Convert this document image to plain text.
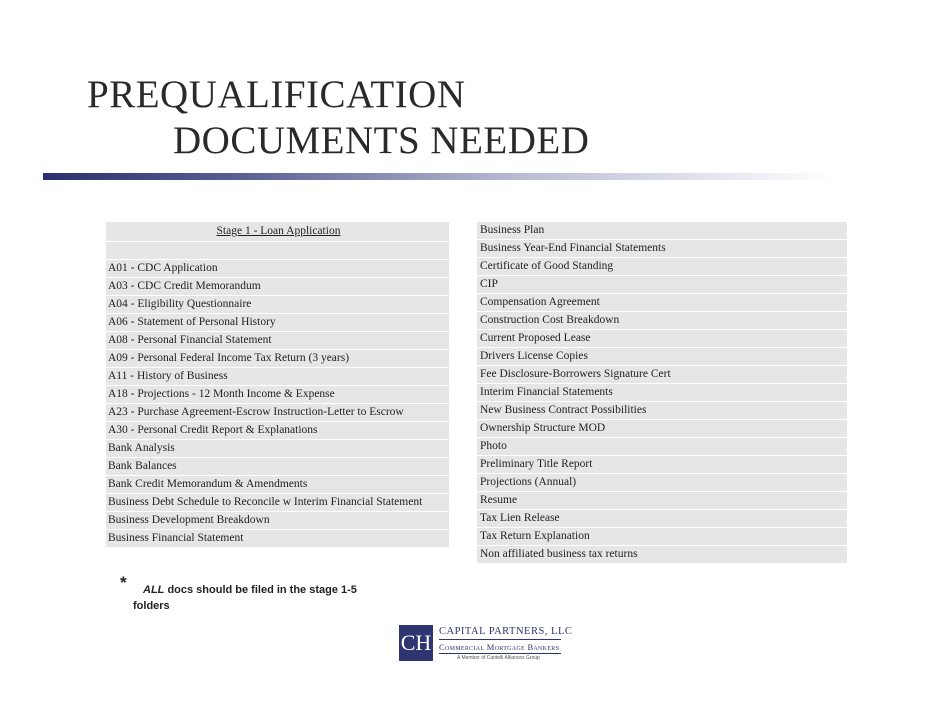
PREQUALIFICATION
DOCUMENTS NEEDED
Stage 1 - Loan Application
A01 - CDC Application
A03 - CDC Credit Memorandum
A04 - Eligibility Questionnaire
A06 - Statement of Personal History
A08 - Personal Financial Statement
A09 - Personal Federal Income Tax Return (3 years)
A11 - History of Business
A18 - Projections - 12 Month Income & Expense
A23 - Purchase Agreement-Escrow Instruction-Letter to Escrow
A30 - Personal Credit Report & Explanations
Bank Analysis
Bank Balances
Bank Credit Memorandum & Amendments
Business Debt Schedule to Reconcile w Interim Financial Statement
Business Development Breakdown
Business Financial Statement
Business Plan
Business Year-End Financial Statements
Certificate of Good Standing
CIP
Compensation Agreement
Construction Cost Breakdown
Current Proposed Lease
Drivers License Copies
Fee Disclosure-Borrowers Signature Cert
Interim Financial Statements
New Business Contract Possibilities
Ownership Structure MOD
Photo
Preliminary Title Report
Projections (Annual)
Resume
Tax Lien Release
Tax Return Explanation
Non affiliated business tax returns
* ALL docs should be filed in the stage 1-5
folders
CH CAPITAL PARTNERS, LLC
Commercial Mortgage Bankers
A Member of Cantelli Alliances Group
